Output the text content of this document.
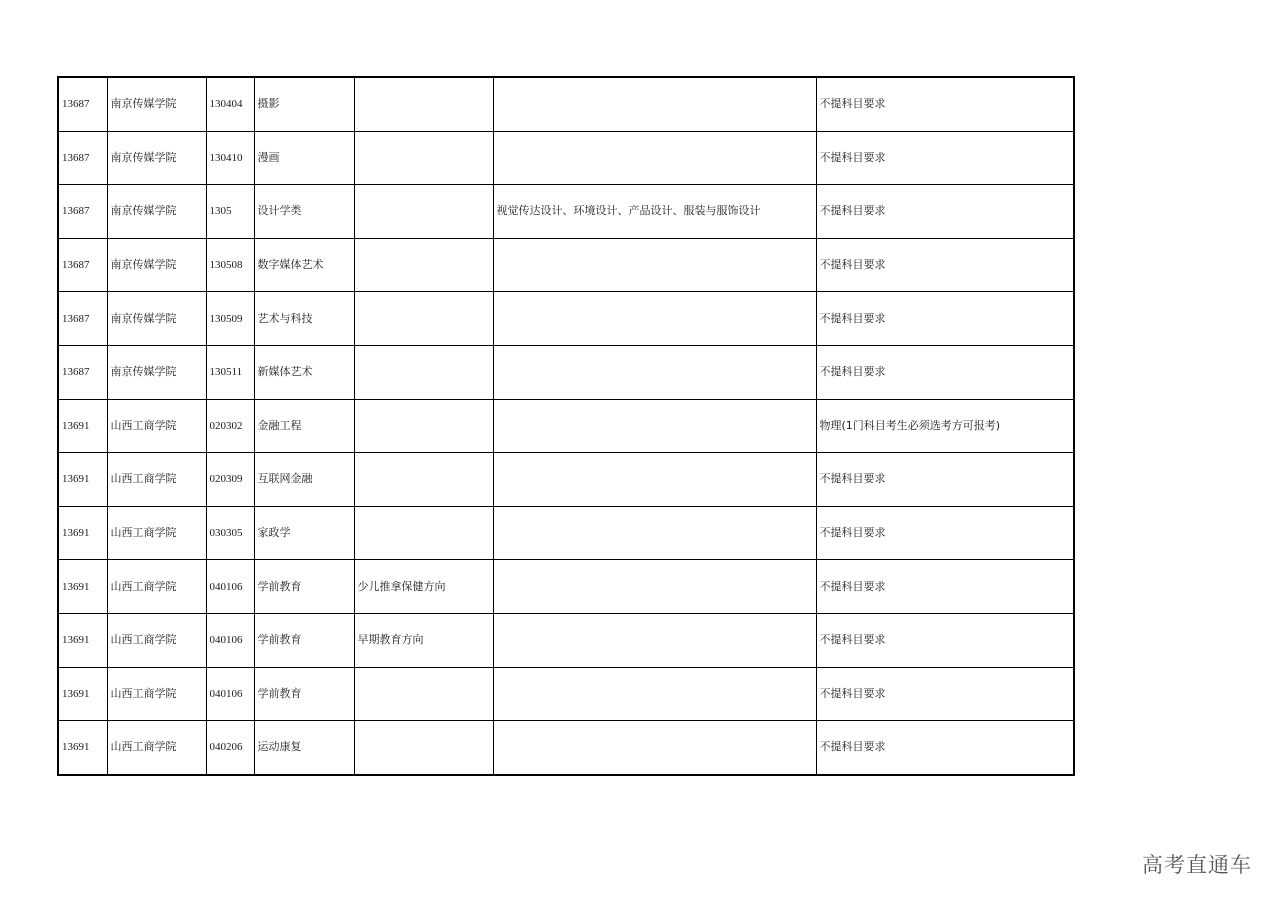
13687	南京传媒学院	130404	摄影			不提科目要求
13687	南京传媒学院	130410	漫画			不提科目要求
13687	南京传媒学院	1305	设计学类		视觉传达设计、环境设计、产品设计、服装与服饰设计	不提科目要求
13687	南京传媒学院	130508	数字媒体艺术			不提科目要求
13687	南京传媒学院	130509	艺术与科技			不提科目要求
13687	南京传媒学院	130511	新媒体艺术			不提科目要求
13691	山西工商学院	020302	金融工程			物理(1门科目考生必须选考方可报考)
13691	山西工商学院	020309	互联网金融			不提科目要求
13691	山西工商学院	030305	家政学			不提科目要求
13691	山西工商学院	040106	学前教育	少儿推拿保健方向		不提科目要求
13691	山西工商学院	040106	学前教育	早期教育方向		不提科目要求
13691	山西工商学院	040106	学前教育			不提科目要求
13691	山西工商学院	040206	运动康复			不提科目要求
高考直通车
